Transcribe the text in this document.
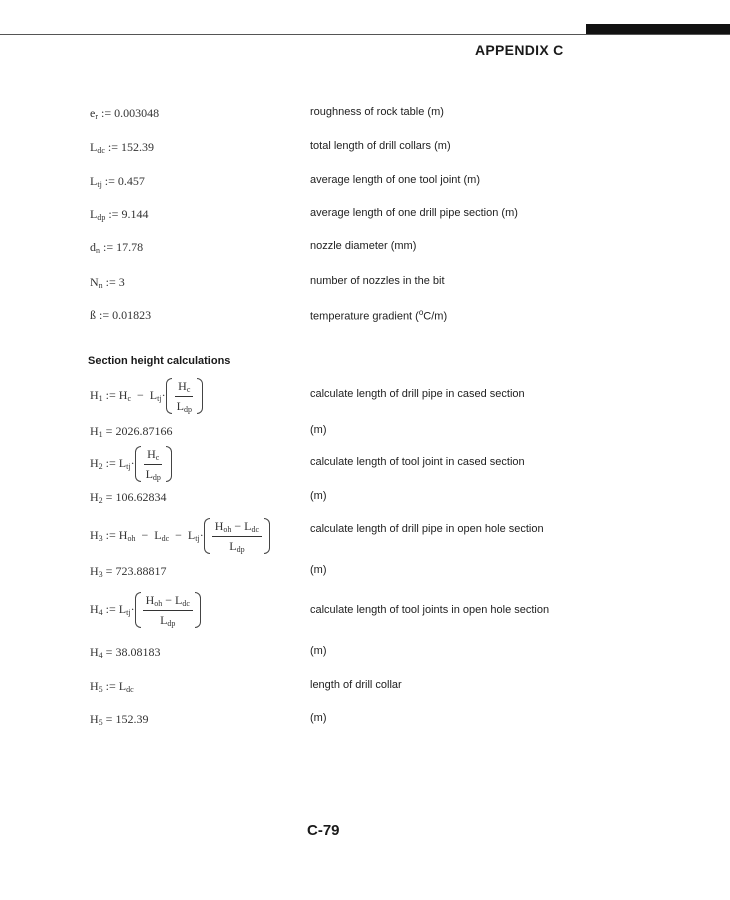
APPENDIX C
$e_r$ := 0.003048	roughness of rock table (m)
$L_{dc}$ := 152.39	total length of drill collars (m)
$L_{tj}$ := 0.457	average length of one tool joint (m)
$L_{dp}$ := 9.144	average length of one drill pipe section (m)
$d_n$ := 17.78	nozzle diameter (mm)
$N_n$ := 3	number of nozzles in the bit
ß := 0.01823	temperature gradient ($^o$C/m)
Section height calculations
$H_1$ := $H_c - L_{tj}\cdot \frac{H_c}{L_{dp}}$	calculate length of drill pipe in cased section
$H_1 = 2026.87166$	(m)
$H_2$ := $L_{tj}\cdot \frac{H_c}{L_{dp}}$	calculate length of tool joint in cased section
$H_2 = 106.62834$	(m)
$H_3$ := $H_{oh} - L_{dc} - L_{tj}\cdot \frac{H_{oh} - L_{dc}}{L_{dp}}$	calculate length of drill pipe in open hole section
$H_3 = 723.88817$	(m)
$H_4$ := $L_{tj}\cdot \frac{H_{oh} - L_{dc}}{L_{dp}}$	calculate length of tool joints in open hole section
$H_4 = 38.08183$	(m)
$H_5$ := $L_{dc}$	length of drill collar
$H_5 = 152.39$	(m)
C-79
